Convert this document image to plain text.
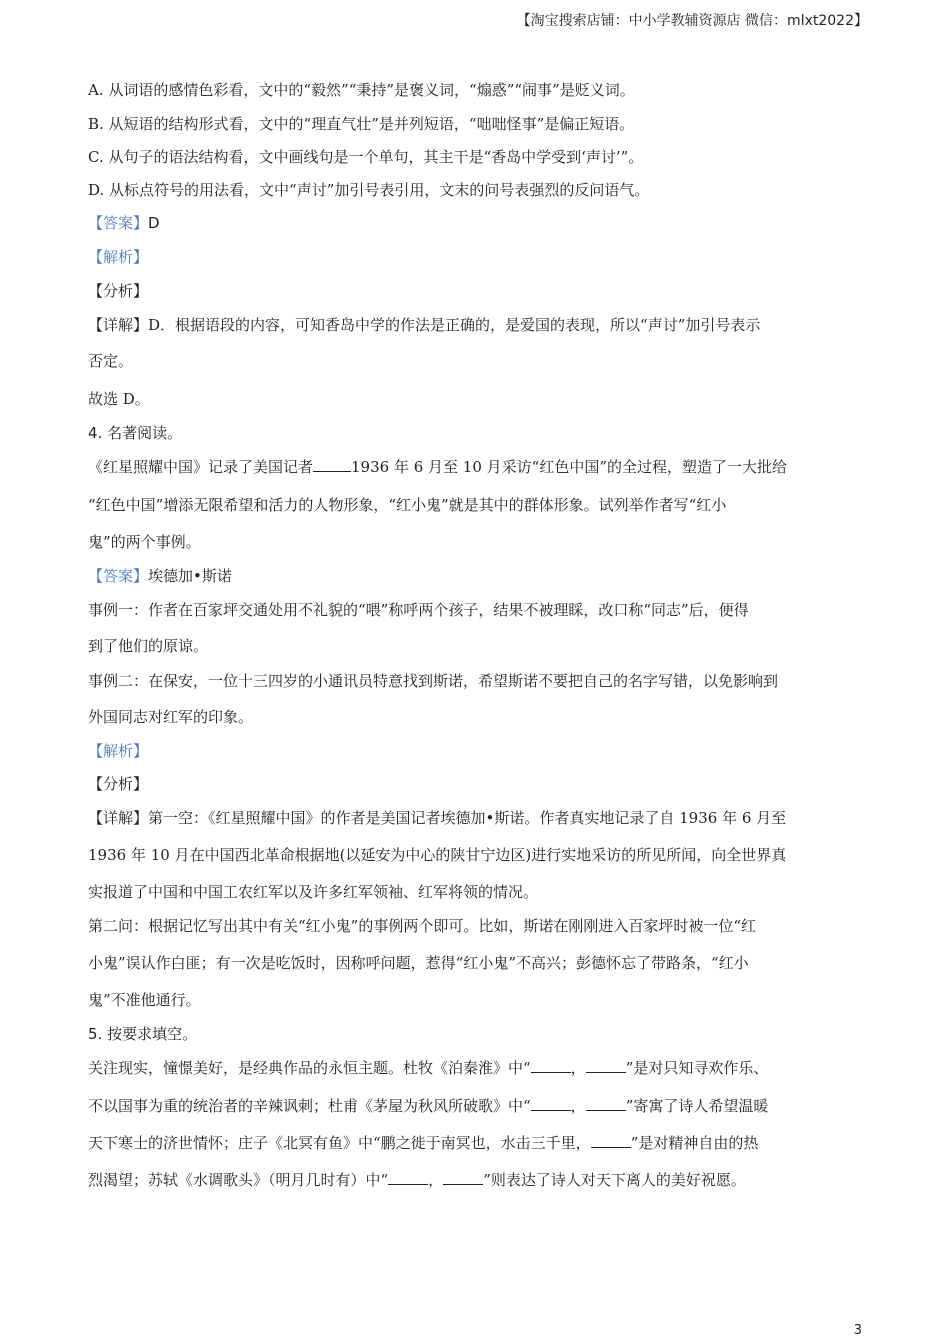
【淘宝搜索店铺：中小学教辅资源店 微信：mlxt2022】
A. 从词语的感情色彩看，文中的“毅然”“秉持”是褒义词，“煽惑”“闹事”是贬义词。
B. 从短语的结构形式看，文中的“理直气壮”是并列短语，“咄咄怪事”是偏正短语。
C. 从句子的语法结构看，文中画线句是一个单句，其主干是“香岛中学受到‘声讨’”。
D. 从标点符号的用法看，文中“声讨”加引号表引用，文末的问号表强烈的反问语气。
【答案】D
【解析】
【分析】
【详解】D．根据语段的内容，可知香岛中学的作法是正确的，是爱国的表现，所以“声讨”加引号表示
否定。
故选 D。
4. 名著阅读。
《红星照耀中国》记录了美国记者	1936 年 6 月至 10 月采访“红色中国”的全过程，塑造了一大批给
“红色中国”增添无限希望和活力的人物形象，“红小鬼”就是其中的群体形象。试列举作者写“红小
鬼”的两个事例。
【答案】埃德加•斯诺
事例一：作者在百家坪交通处用不礼貌的“喂”称呼两个孩子，结果不被理睬，改口称“同志”后，便得
到了他们的原谅。
事例二：在保安，一位十三四岁的小通讯员特意找到斯诺，希望斯诺不要把自己的名字写错，以免影响到
外国同志对红军的印象。
【解析】
【分析】
【详解】第一空：《红星照耀中国》的作者是美国记者埃德加•斯诺。作者真实地记录了自 1936 年 6 月至
1936 年 10 月在中国西北革命根据地(以延安为中心的陕甘宁边区)进行实地采访的所见所闻，向全世界真
实报道了中国和中国工农红军以及许多红军领袖、红军将领的情况。
第二问：根据记忆写出其中有关“红小鬼”的事例两个即可。比如，斯诺在刚刚进入百家坪时被一位“红
小鬼”误认作白匪；有一次是吃饭时，因称呼问题，惹得“红小鬼”不高兴；彭德怀忘了带路条，“红小
鬼”不准他通行。
5. 按要求填空。
关注现实，憧憬美好，是经典作品的永恒主题。杜牧《泊秦淮》中“	，	”是对只知寻欢作乐、
不以国事为重的统治者的辛辣讽刺；杜甫《茅屋为秋风所破歌》中“	，	”寄寓了诗人希望温暖
天下寒士的济世情怀；庄子《北冥有鱼》中“鹏之徙于南冥也，水击三千里，	”是对精神自由的热
烈渴望；苏轼《水调歌头》（明月几时有）中“	，	”则表达了诗人对天下离人的美好祝愿。
3
